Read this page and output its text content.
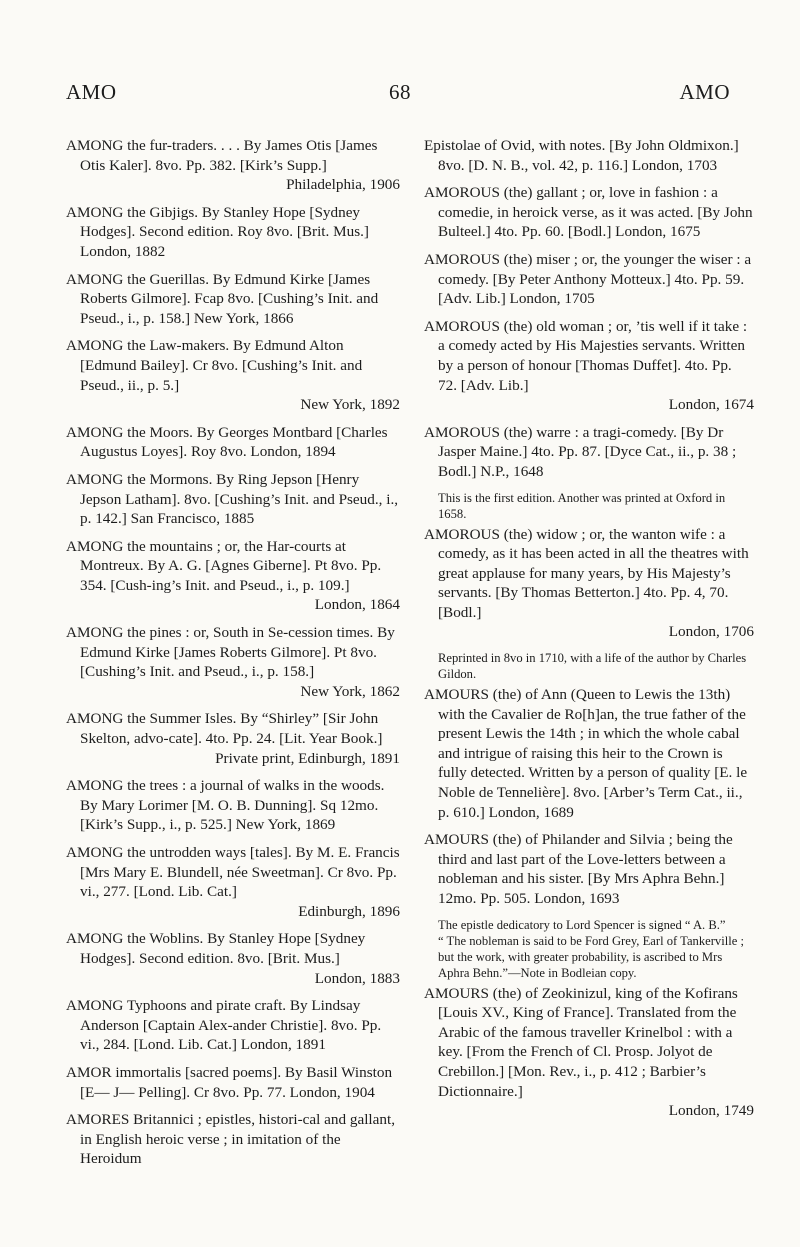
AMO	68	AMO
AMONG the fur-traders. . . . By James Otis [James Otis Kaler]. 8vo. Pp. 382. [Kirk’s Supp.]
Philadelphia, 1906
AMONG the Gibjigs. By Stanley Hope [Sydney Hodges]. Second edition. Roy 8vo. [Brit. Mus.] London, 1882
AMONG the Guerillas. By Edmund Kirke [James Roberts Gilmore]. Fcap 8vo. [Cushing’s Init. and Pseud., i., p. 158.] New York, 1866
AMONG the Law-makers. By Edmund Alton [Edmund Bailey]. Cr 8vo. [Cushing’s Init. and Pseud., ii., p. 5.]
New York, 1892
AMONG the Moors. By Georges Montbard [Charles Augustus Loyes]. Roy 8vo. London, 1894
AMONG the Mormons. By Ring Jepson [Henry Jepson Latham]. 8vo. [Cushing’s Init. and Pseud., i., p. 142.] San Francisco, 1885
AMONG the mountains ; or, the Har-courts at Montreux. By A. G. [Agnes Giberne]. Pt 8vo. Pp. 354. [Cush-ing’s Init. and Pseud., i., p. 109.]
London, 1864
AMONG the pines : or, South in Se-cession times. By Edmund Kirke [James Roberts Gilmore]. Pt 8vo. [Cushing’s Init. and Pseud., i., p. 158.]
New York, 1862
AMONG the Summer Isles. By “Shirley” [Sir John Skelton, advo-cate]. 4to. Pp. 24. [Lit. Year Book.]
Private print, Edinburgh, 1891
AMONG the trees : a journal of walks in the woods. By Mary Lorimer [M. O. B. Dunning]. Sq 12mo. [Kirk’s Supp., i., p. 525.] New York, 1869
AMONG the untrodden ways [tales]. By M. E. Francis [Mrs Mary E. Blundell, née Sweetman]. Cr 8vo. Pp. vi., 277. [Lond. Lib. Cat.]
Edinburgh, 1896
AMONG the Woblins. By Stanley Hope [Sydney Hodges]. Second edition. 8vo. [Brit. Mus.]
London, 1883
AMONG Typhoons and pirate craft. By Lindsay Anderson [Captain Alex-ander Christie]. 8vo. Pp. vi., 284. [Lond. Lib. Cat.] London, 1891
AMOR immortalis [sacred poems]. By Basil Winston [E— J— Pelling]. Cr 8vo. Pp. 77. London, 1904
AMORES Britannici ; epistles, histori-cal and gallant, in English heroic verse ; in imitation of the Heroidum
Epistolae of Ovid, with notes. [By John Oldmixon.] 8vo. [D. N. B., vol. 42, p. 116.] London, 1703
AMOROUS (the) gallant ; or, love in fashion : a comedie, in heroick verse, as it was acted. [By John Bulteel.] 4to. Pp. 60. [Bodl.] London, 1675
AMOROUS (the) miser ; or, the younger the wiser : a comedy. [By Peter Anthony Motteux.] 4to. Pp. 59. [Adv. Lib.] London, 1705
AMOROUS (the) old woman ; or, ’tis well if it take : a comedy acted by His Majesties servants. Written by a person of honour [Thomas Duffet]. 4to. Pp. 72. [Adv. Lib.]
London, 1674
AMOROUS (the) warre : a tragi-comedy. [By Dr Jasper Maine.] 4to. Pp. 87. [Dyce Cat., ii., p. 38 ; Bodl.] N.P., 1648

This is the first edition. Another was printed at Oxford in 1658.

AMOROUS (the) widow ; or, the wanton wife : a comedy, as it has been acted in all the theatres with great applause for many years, by His Majesty’s servants. [By Thomas Betterton.] 4to. Pp. 4, 70. [Bodl.]
London, 1706

Reprinted in 8vo in 1710, with a life of the author by Charles Gildon.

AMOURS (the) of Ann (Queen to Lewis the 13th) with the Cavalier de Ro[h]an, the true father of the present Lewis the 14th ; in which the whole cabal and intrigue of raising this heir to the Crown is fully detected. Written by a person of quality [E. le Noble de Tennelière]. 8vo. [Arber’s Term Cat., ii., p. 610.] London, 1689
AMOURS (the) of Philander and Silvia ; being the third and last part of the Love-letters between a nobleman and his sister. [By Mrs Aphra Behn.] 12mo. Pp. 505. London, 1693

The epistle dedicatory to Lord Spencer is signed “ A. B.”

“ The nobleman is said to be Ford Grey, Earl of Tankerville ; but the work, with greater probability, is ascribed to Mrs Aphra Behn.”—Note in Bodleian copy.

AMOURS (the) of Zeokinizul, king of the Kofirans [Louis XV., King of France]. Translated from the Arabic of the famous traveller Krinelbol : with a key. [From the French of Cl. Prosp. Jolyot de Crebillon.] [Mon. Rev., i., p. 412 ; Barbier’s Dictionnaire.]
London, 1749
